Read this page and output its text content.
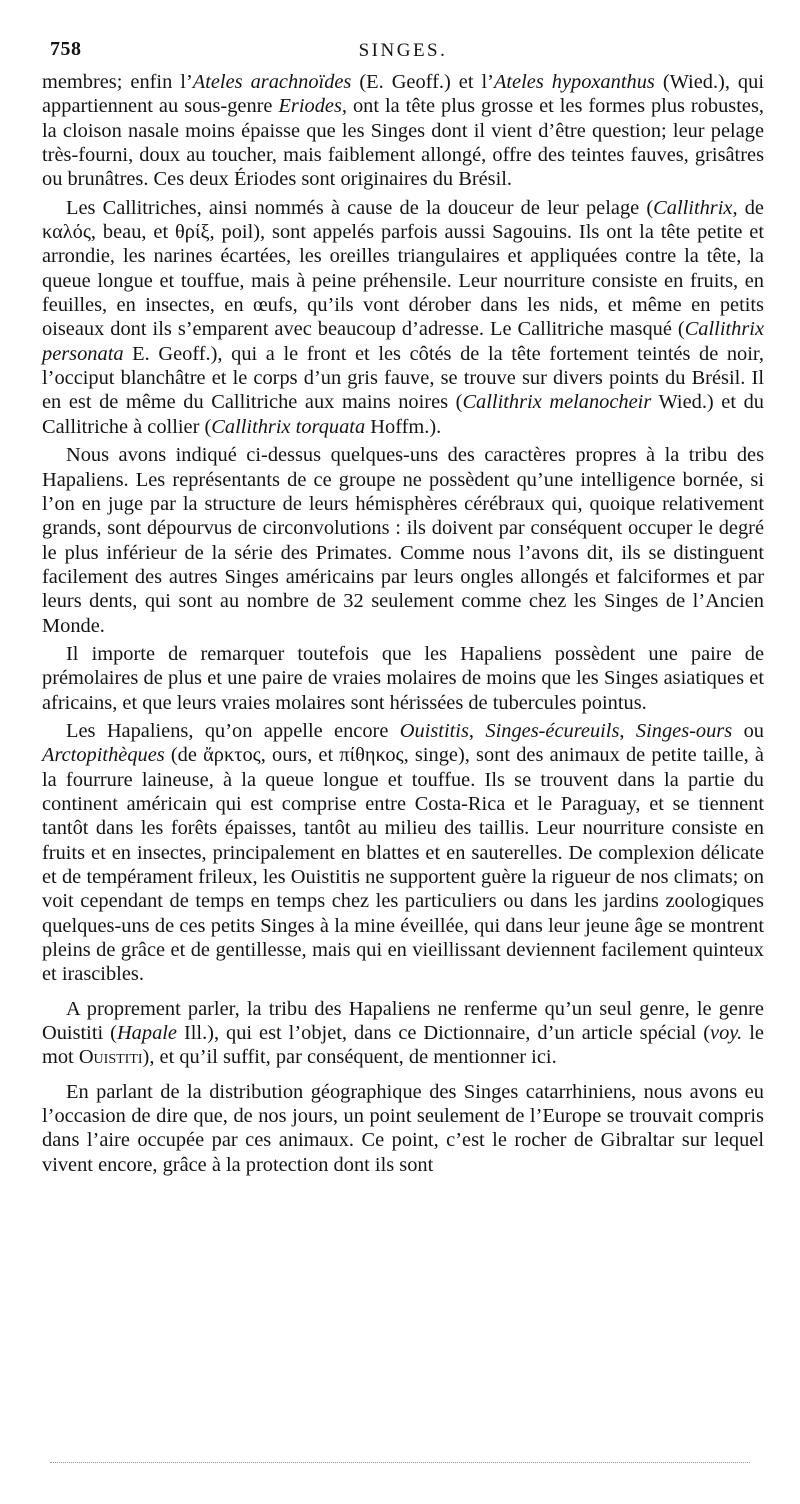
758	SINGES.

membres; enfin l’Ateles arachnoïdes (E. Geoff.) et l’Ateles hypoxanthus (Wied.), qui appartiennent au sous-genre Eriodes, ont la tête plus grosse et les formes plus robustes, la cloison nasale moins épaisse que les Singes dont il vient d’être question; leur pelage très-fourni, doux au toucher, mais faiblement allongé, offre des teintes fauves, grisâtres ou brunâtres. Ces deux Ériodes sont originaires du Brésil.

Les Callitriches, ainsi nommés à cause de la douceur de leur pelage (Callithrix, de καλός, beau, et θρίξ, poil), sont appelés parfois aussi Sagouins. Ils ont la tête petite et arrondie, les narines écartées, les oreilles triangulaires et appliquées contre la tête, la queue longue et touffue, mais à peine préhensile. Leur nourriture consiste en fruits, en feuilles, en insectes, en œufs, qu’ils vont dérober dans les nids, et même en petits oiseaux dont ils s’emparent avec beaucoup d’adresse. Le Callitriche masqué (Callithrix personata E. Geoff.), qui a le front et les côtés de la tête fortement teintés de noir, l’occiput blanchâtre et le corps d’un gris fauve, se trouve sur divers points du Brésil. Il en est de même du Callitriche aux mains noires (Callithrix melanocheir Wied.) et du Callitriche à collier (Callithrix torquata Hoffm.).

Nous avons indiqué ci-dessus quelques-uns des caractères propres à la tribu des Hapaliens. Les représentants de ce groupe ne possèdent qu’une intelligence bornée, si l’on en juge par la structure de leurs hémisphères cérébraux qui, quoique relativement grands, sont dépourvus de circonvolutions : ils doivent par conséquent occuper le degré le plus inférieur de la série des Primates. Comme nous l’avons dit, ils se distinguent facilement des autres Singes américains par leurs ongles allongés et falciformes et par leurs dents, qui sont au nombre de 32 seulement comme chez les Singes de l’Ancien Monde.

Il importe de remarquer toutefois que les Hapaliens possèdent une paire de prémolaires de plus et une paire de vraies molaires de moins que les Singes asiatiques et africains, et que leurs vraies molaires sont hérissées de tubercules pointus.

Les Hapaliens, qu’on appelle encore Ouistitis, Singes-écureuils, Singes-ours ou Arctopithèques (de ἄρκτος, ours, et πίθηκος, singe), sont des animaux de petite taille, à la fourrure laineuse, à la queue longue et touffue. Ils se trouvent dans la partie du continent américain qui est comprise entre Costa-Rica et le Paraguay, et se tiennent tantôt dans les forêts épaisses, tantôt au milieu des taillis. Leur nourriture consiste en fruits et en insectes, principalement en blattes et en sauterelles. De complexion délicate et de tempérament frileux, les Ouistitis ne supportent guère la rigueur de nos climats; on voit cependant de temps en temps chez les particuliers ou dans les jardins zoologiques quelques-uns de ces petits Singes à la mine éveillée, qui dans leur jeune âge se montrent pleins de grâce et de gentillesse, mais qui en vieillissant deviennent facilement quinteux et irascibles.

A proprement parler, la tribu des Hapaliens ne renferme qu’un seul genre, le genre Ouistiti (Hapale Ill.), qui est l’objet, dans ce Dictionnaire, d’un article spécial (voy. le mot Ouistiti), et qu’il suffit, par conséquent, de mentionner ici.

En parlant de la distribution géographique des Singes catarrhiniens, nous avons eu l’occasion de dire que, de nos jours, un point seulement de l’Europe se trouvait compris dans l’aire occupée par ces animaux. Ce point, c’est le rocher de Gibraltar sur lequel vivent encore, grâce à la protection dont ils sont
